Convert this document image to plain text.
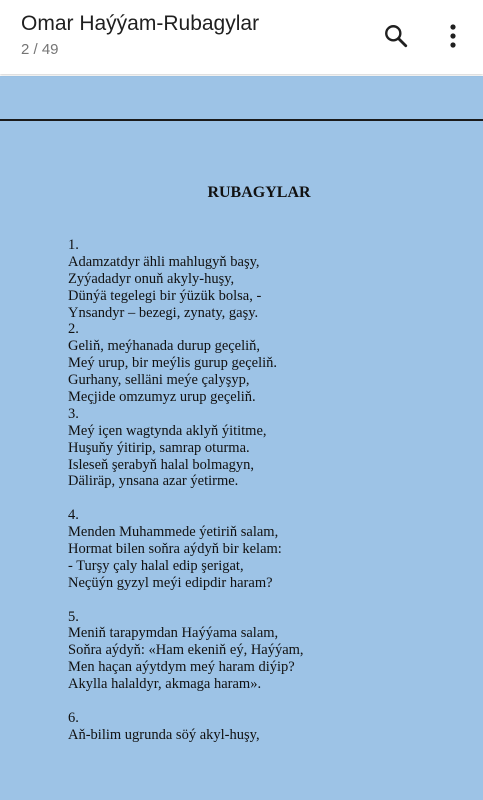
Omar Haýýam-Rubagylar
2 / 49
RUBAGYLAR
1.
Adamzatdyr ähli mahlugyň başy,
Zyýadadyr onuň akyly-huşy,
Dünýä tegelegi bir ýüzük bolsa, -
Ynsandyr – bezegi, zynaty, gaşy.
2.
Geliň, meýhanada durup geçeliň,
Meý urup, bir meýlis gurup geçeliň.
Gurhany, selläni meýe çalyşyp,
Meçjide omzumyz urup geçeliň.
3.
Meý içen wagtynda aklyň ýititme,
Huşuňy ýitirip, samrap oturma.
Isleseň şerabyň halal bolmagyn,
Däliräp, ynsana azar ýetirme.
4.
Menden Muhammede ýetiriň salam,
Hormat bilen soňra aýdyň bir kelam:
- Turşy çaly halal edip şerigat,
Neçüýn gyzyl meýi edipdir haram?
5.
Meniň tarapymdan Haýýama salam,
Soňra aýdyň: «Ham ekeniň eý, Haýýam,
Men haçan aýytdym meý haram diýip?
Akylla halaldyr, akmaga haram».
6.
Aň-bilim ugrunda söý akyl-huşy,
